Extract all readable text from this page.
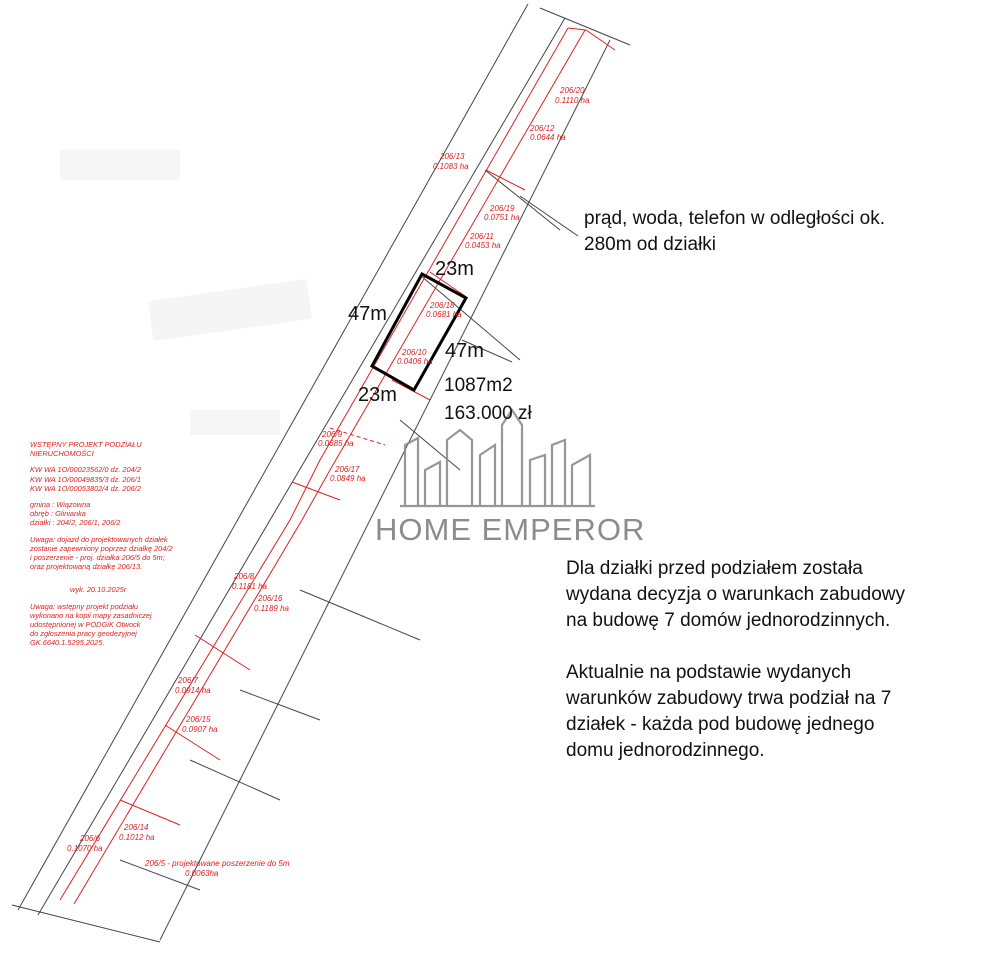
206/20
0.1110 ha
206/12
0.0644 ha
206/13
0.1083 ha
206/19
0.0751 ha
206/11
0.0453 ha
206/18
0.0681 ha
206/10
0.0406 ha
206/9
0.0685 ha
206/17
0.0849 ha
206/8
0.1181 ha
206/16
0.1189 ha
206/7
0.0914 ha
206/15
0.0907 ha
206/6
0.1070 ha
206/14
0.1012 ha
206/5 - projektowane poszerzenie do 5m
0.0063ha
23m
47m
47m
23m
WSTĘPNY PROJEKT PODZIAŁU
NIERUCHOMOŚCI
KW WA 1O/00023562/0 dz. 204/2
KW WA 1O/00049835/3 dz. 206/1
KW WA 1O/00053802/4 dz. 206/2
gmina : Wiązowna
obręb : Glinianka
działki : 204/2, 206/1, 206/2
Uwaga: dojazd do projektowanych działek
zostanie zapewniony poprzez działkę 204/2
i poszerzenie - proj. działka 206/5 do 5m;
oraz projektowaną działkę 206/13.
wyk. 20.10.2025r
Uwaga: wstępny projekt podziału
wykonano na kopii mapy zasadniczej
udostępnionej w PODGiK Otwock
do zgłoszenia pracy geodezyjnej
GK.6640.1.5295.2025.
prąd, woda, telefon w odległości ok.
280m od działki
1087m2
163.000 zł
HOME EMPEROR
Dla działki przed podziałem została
wydana decyzja o warunkach zabudowy
na budowę 7 domów jednorodzinnych.
Aktualnie na podstawie wydanych
warunków zabudowy trwa podział na 7
działek - każda pod budowę jednego
domu jednorodzinnego.
